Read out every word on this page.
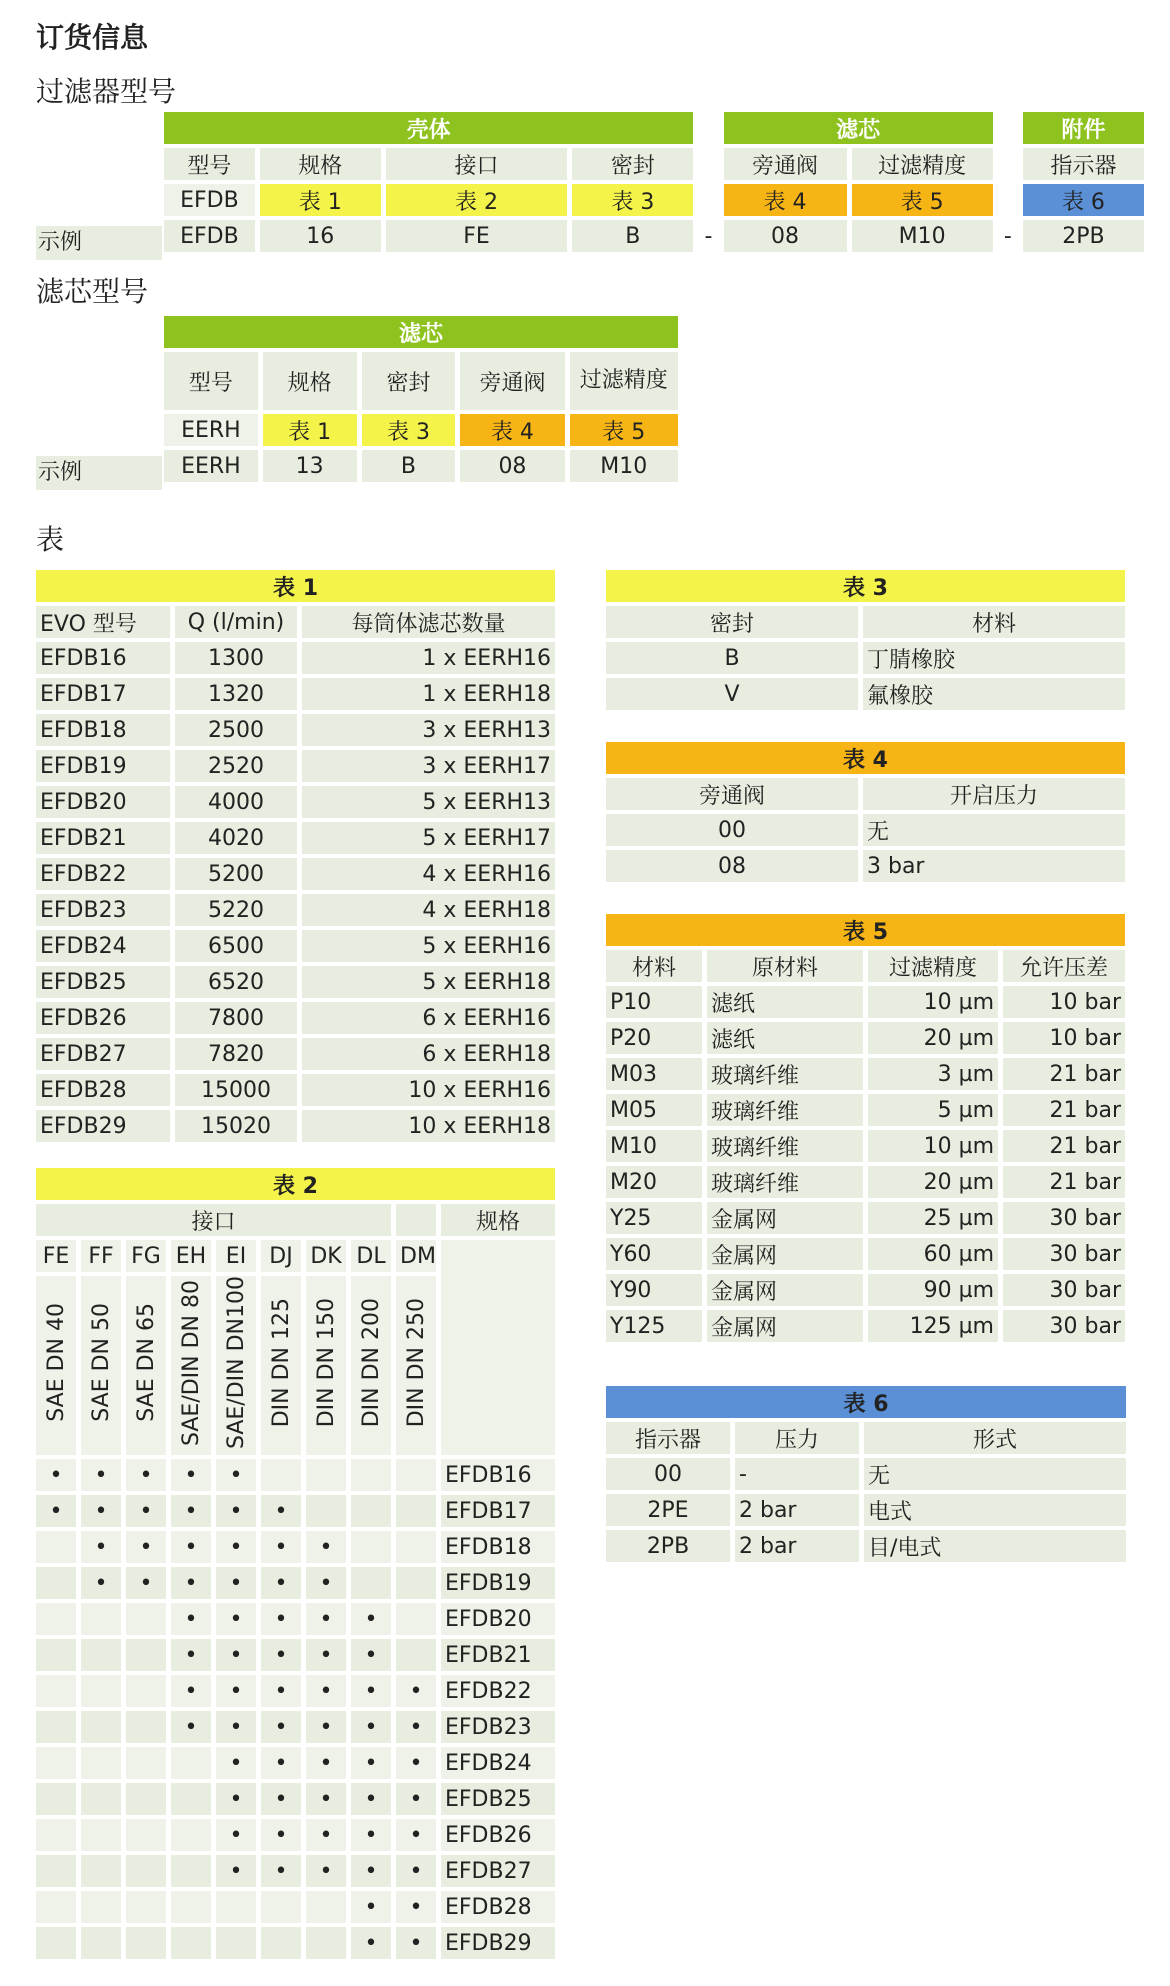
订货信息
过滤器型号
壳体					滤芯			附件
型号	规格	接口	密封		旁通阀	过滤精度		指示器
EFDB	表 1	表 2	表 3		表 4	表 5		表 6
EFDB	16	FE	B	-	08	M10	-	2PB
示例
滤芯型号
滤芯				
型号	规格	密封	旁通阀	过滤精度
EERH	表 1	表 3	表 4	表 5
EERH	13	B	08	M10
示例
表
表 1		
EVO 型号	Q (l/min)	每筒体滤芯数量
EFDB16	1300	1 x EERH16
EFDB17	1320	1 x EERH18
EFDB18	2500	3 x EERH13
EFDB19	2520	3 x EERH17
EFDB20	4000	5 x EERH13
EFDB21	4020	5 x EERH17
EFDB22	5200	4 x EERH16
EFDB23	5220	4 x EERH18
EFDB24	6500	5 x EERH16
EFDB25	6520	5 x EERH18
EFDB26	7800	6 x EERH16
EFDB27	7820	6 x EERH18
EFDB28	15000	10 x EERH16
EFDB29	15020	10 x EERH18
表 2									
接口									规格
FE	FF	FG	EH	EI	DJ	DK	DL	DM	
SAE DN 40	SAE DN 50	SAE DN 65	SAE/DIN DN 80	SAE/DIN DN100	DIN DN 125	DIN DN 150	DIN DN 200	DIN DN 250	
•	•	•	•	•					EFDB16
•	•	•	•	•	•				EFDB17
	•	•	•	•	•	•			EFDB18
	•	•	•	•	•	•			EFDB19
			•	•	•	•	•		EFDB20
			•	•	•	•	•		EFDB21
			•	•	•	•	•	•	EFDB22
			•	•	•	•	•	•	EFDB23
				•	•	•	•	•	EFDB24
				•	•	•	•	•	EFDB25
				•	•	•	•	•	EFDB26
				•	•	•	•	•	EFDB27
							•	•	EFDB28
							•	•	EFDB29
表 3	
密封	材料
B	丁腈橡胶
V	氟橡胶
表 4	
旁通阀	开启压力
00	无
08	3 bar
表 5			
材料	原材料	过滤精度	允许压差
P10	滤纸	10 µm	10 bar
P20	滤纸	20 µm	10 bar
M03	玻璃纤维	3 µm	21 bar
M05	玻璃纤维	5 µm	21 bar
M10	玻璃纤维	10 µm	21 bar
M20	玻璃纤维	20 µm	21 bar
Y25	金属网	25 µm	30 bar
Y60	金属网	60 µm	30 bar
Y90	金属网	90 µm	30 bar
Y125	金属网	125 µm	30 bar
表 6		
指示器	压力	形式
00	-	无
2PE	2 bar	电式
2PB	2 bar	目/电式
